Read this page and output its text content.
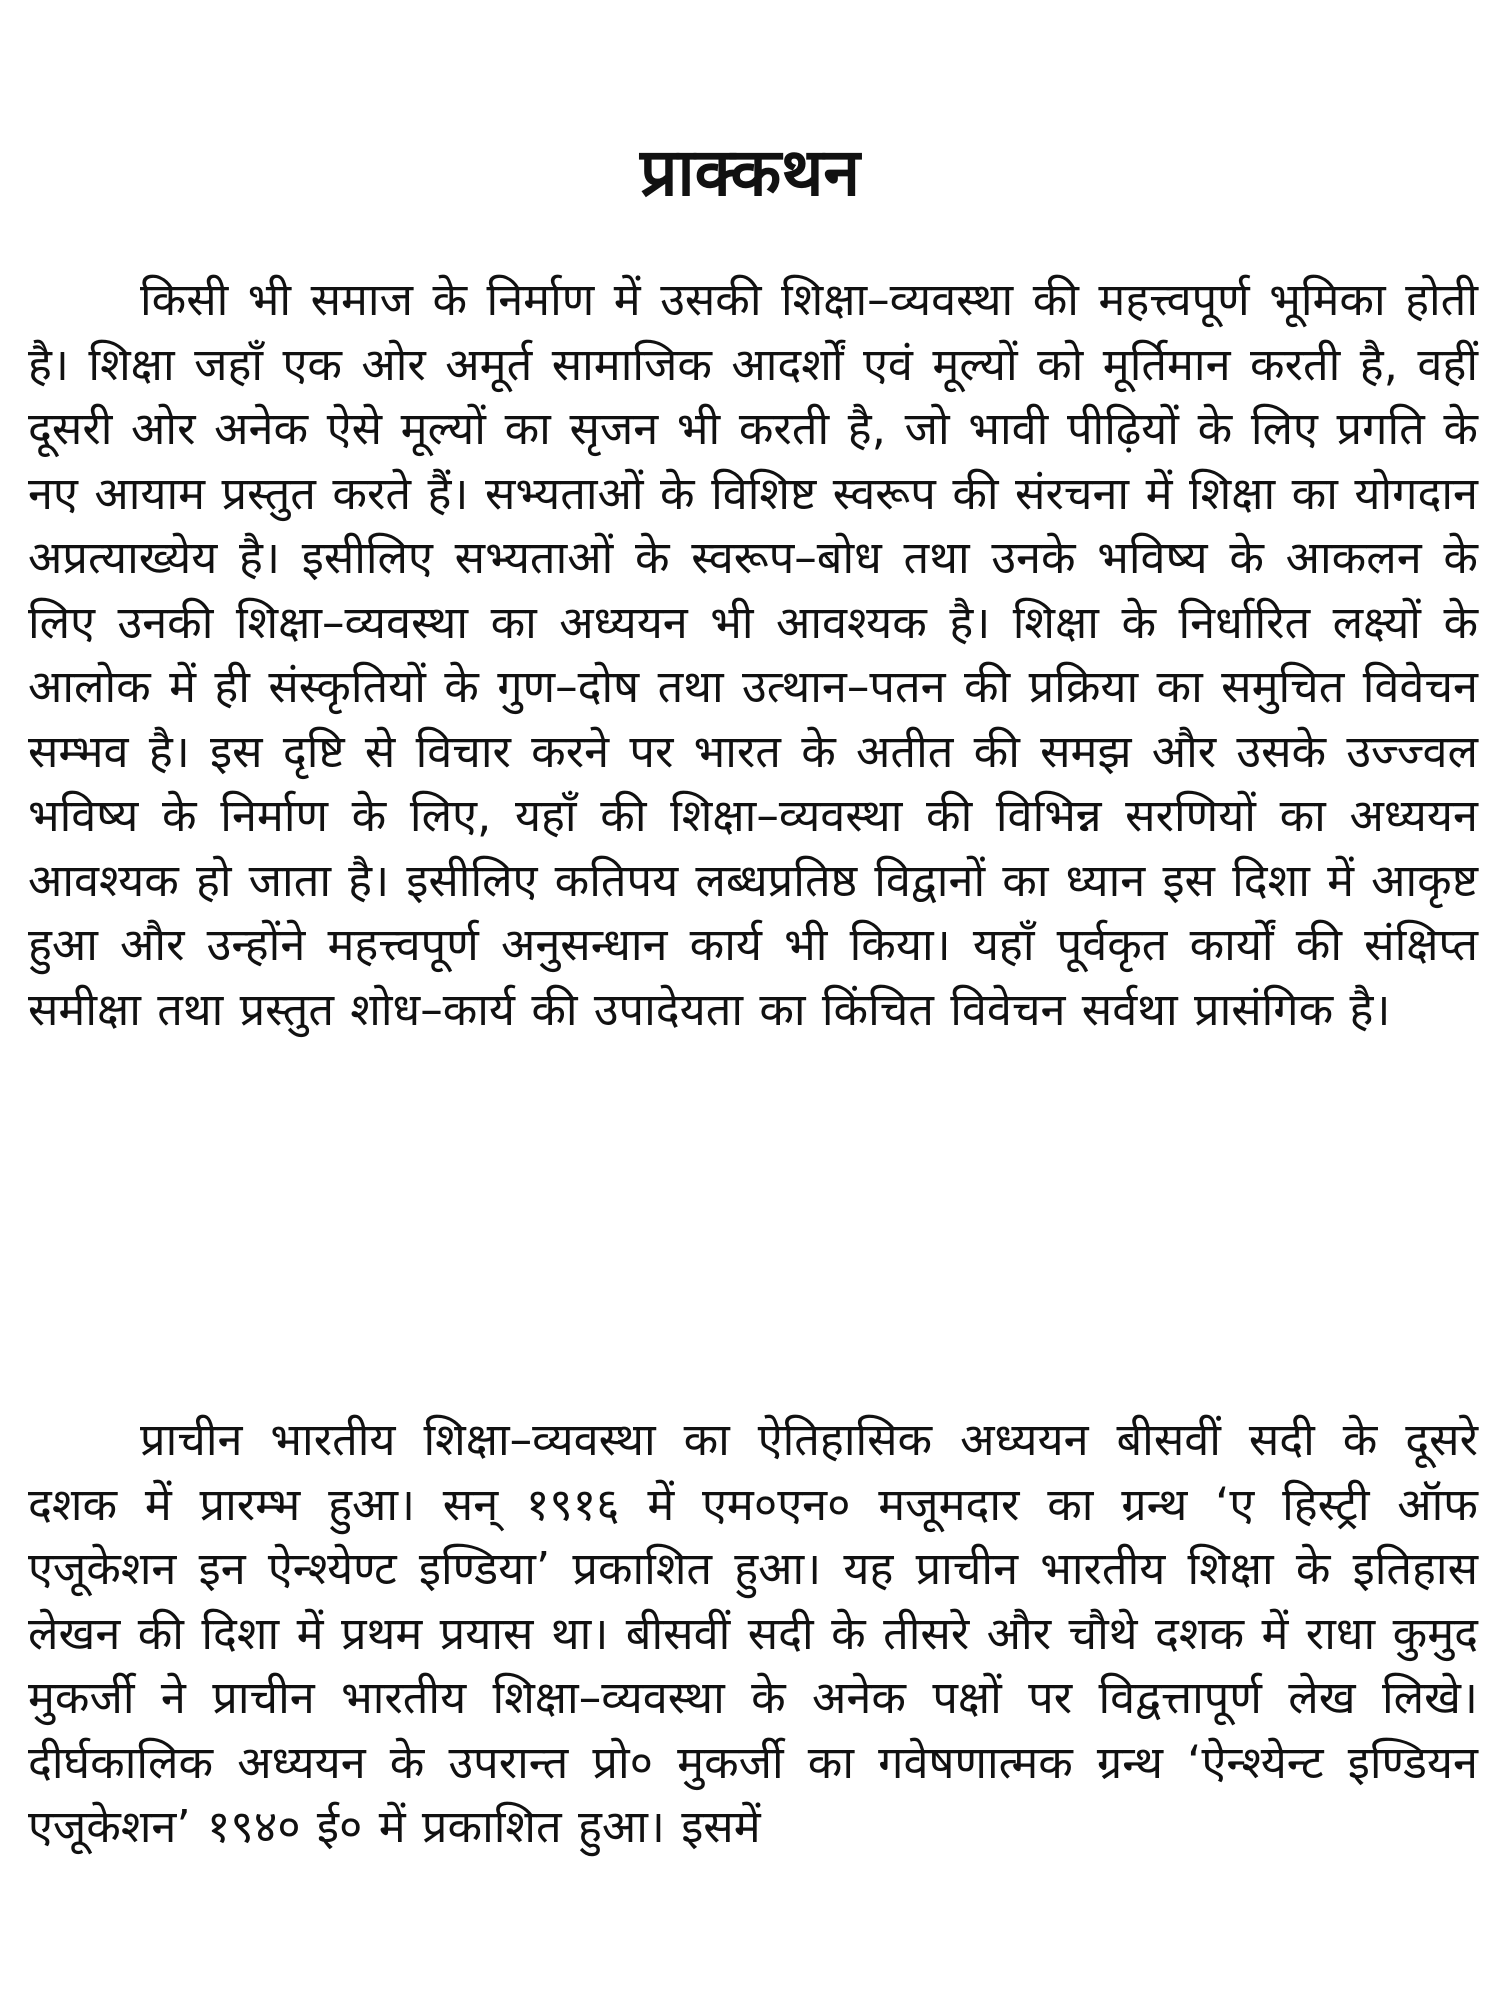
प्राक्कथन

किसी भी समाज के निर्माण में उसकी शिक्षा–व्यवस्था की महत्त्वपूर्ण भूमिका होती है। शिक्षा जहाँ एक ओर अमूर्त सामाजिक आदर्शों एवं मूल्यों को मूर्तिमान करती है, वहीं दूसरी ओर अनेक ऐसे मूल्यों का सृजन भी करती है, जो भावी पीढ़ियों के लिए प्रगति के नए आयाम प्रस्तुत करते हैं। सभ्यताओं के विशिष्ट स्वरूप की संरचना में शिक्षा का योगदान अप्रत्याख्येय है। इसीलिए सभ्यताओं के स्वरूप–बोध तथा उनके भविष्य के आकलन के लिए उनकी शिक्षा–व्यवस्था का अध्ययन भी आवश्यक है। शिक्षा के निर्धारित लक्ष्यों के आलोक में ही संस्कृतियों के गुण–दोष तथा उत्थान–पतन की प्रक्रिया का समुचित विवेचन सम्भव है। इस दृष्टि से विचार करने पर भारत के अतीत की समझ और उसके उज्ज्वल भविष्य के निर्माण के लिए, यहाँ की शिक्षा–व्यवस्था की विभिन्न सरणियों का अध्ययन आवश्यक हो जाता है। इसीलिए कतिपय लब्धप्रतिष्ठ विद्वानों का ध्यान इस दिशा में आकृष्ट हुआ और उन्होंने महत्त्वपूर्ण अनुसन्धान कार्य भी किया। यहाँ पूर्वकृत कार्यों की संक्षिप्त समीक्षा तथा प्रस्तुत शोध–कार्य की उपादेयता का किंचित विवेचन सर्वथा प्रासंगिक है।

प्राचीन भारतीय शिक्षा–व्यवस्था का ऐतिहासिक अध्ययन बीसवीं सदी के दूसरे दशक में प्रारम्भ हुआ। सन् १९१६ में एम०एन० मजूमदार का ग्रन्थ ‘ए हिस्ट्री ऑफ एजूकेशन इन ऐन्श्येण्ट इण्डिया’ प्रकाशित हुआ। यह प्राचीन भारतीय शिक्षा के इतिहास लेखन की दिशा में प्रथम प्रयास था। बीसवीं सदी के तीसरे और चौथे दशक में राधा कुमुद मुकर्जी ने प्राचीन भारतीय शिक्षा–व्यवस्था के अनेक पक्षों पर विद्वत्तापूर्ण लेख लिखे। दीर्घकालिक अध्ययन के उपरान्त प्रो० मुकर्जी का गवेषणात्मक ग्रन्थ ‘ऐन्श्येन्ट इण्डियन एजूकेशन’ १९४० ई० में प्रकाशित हुआ। इसमें
